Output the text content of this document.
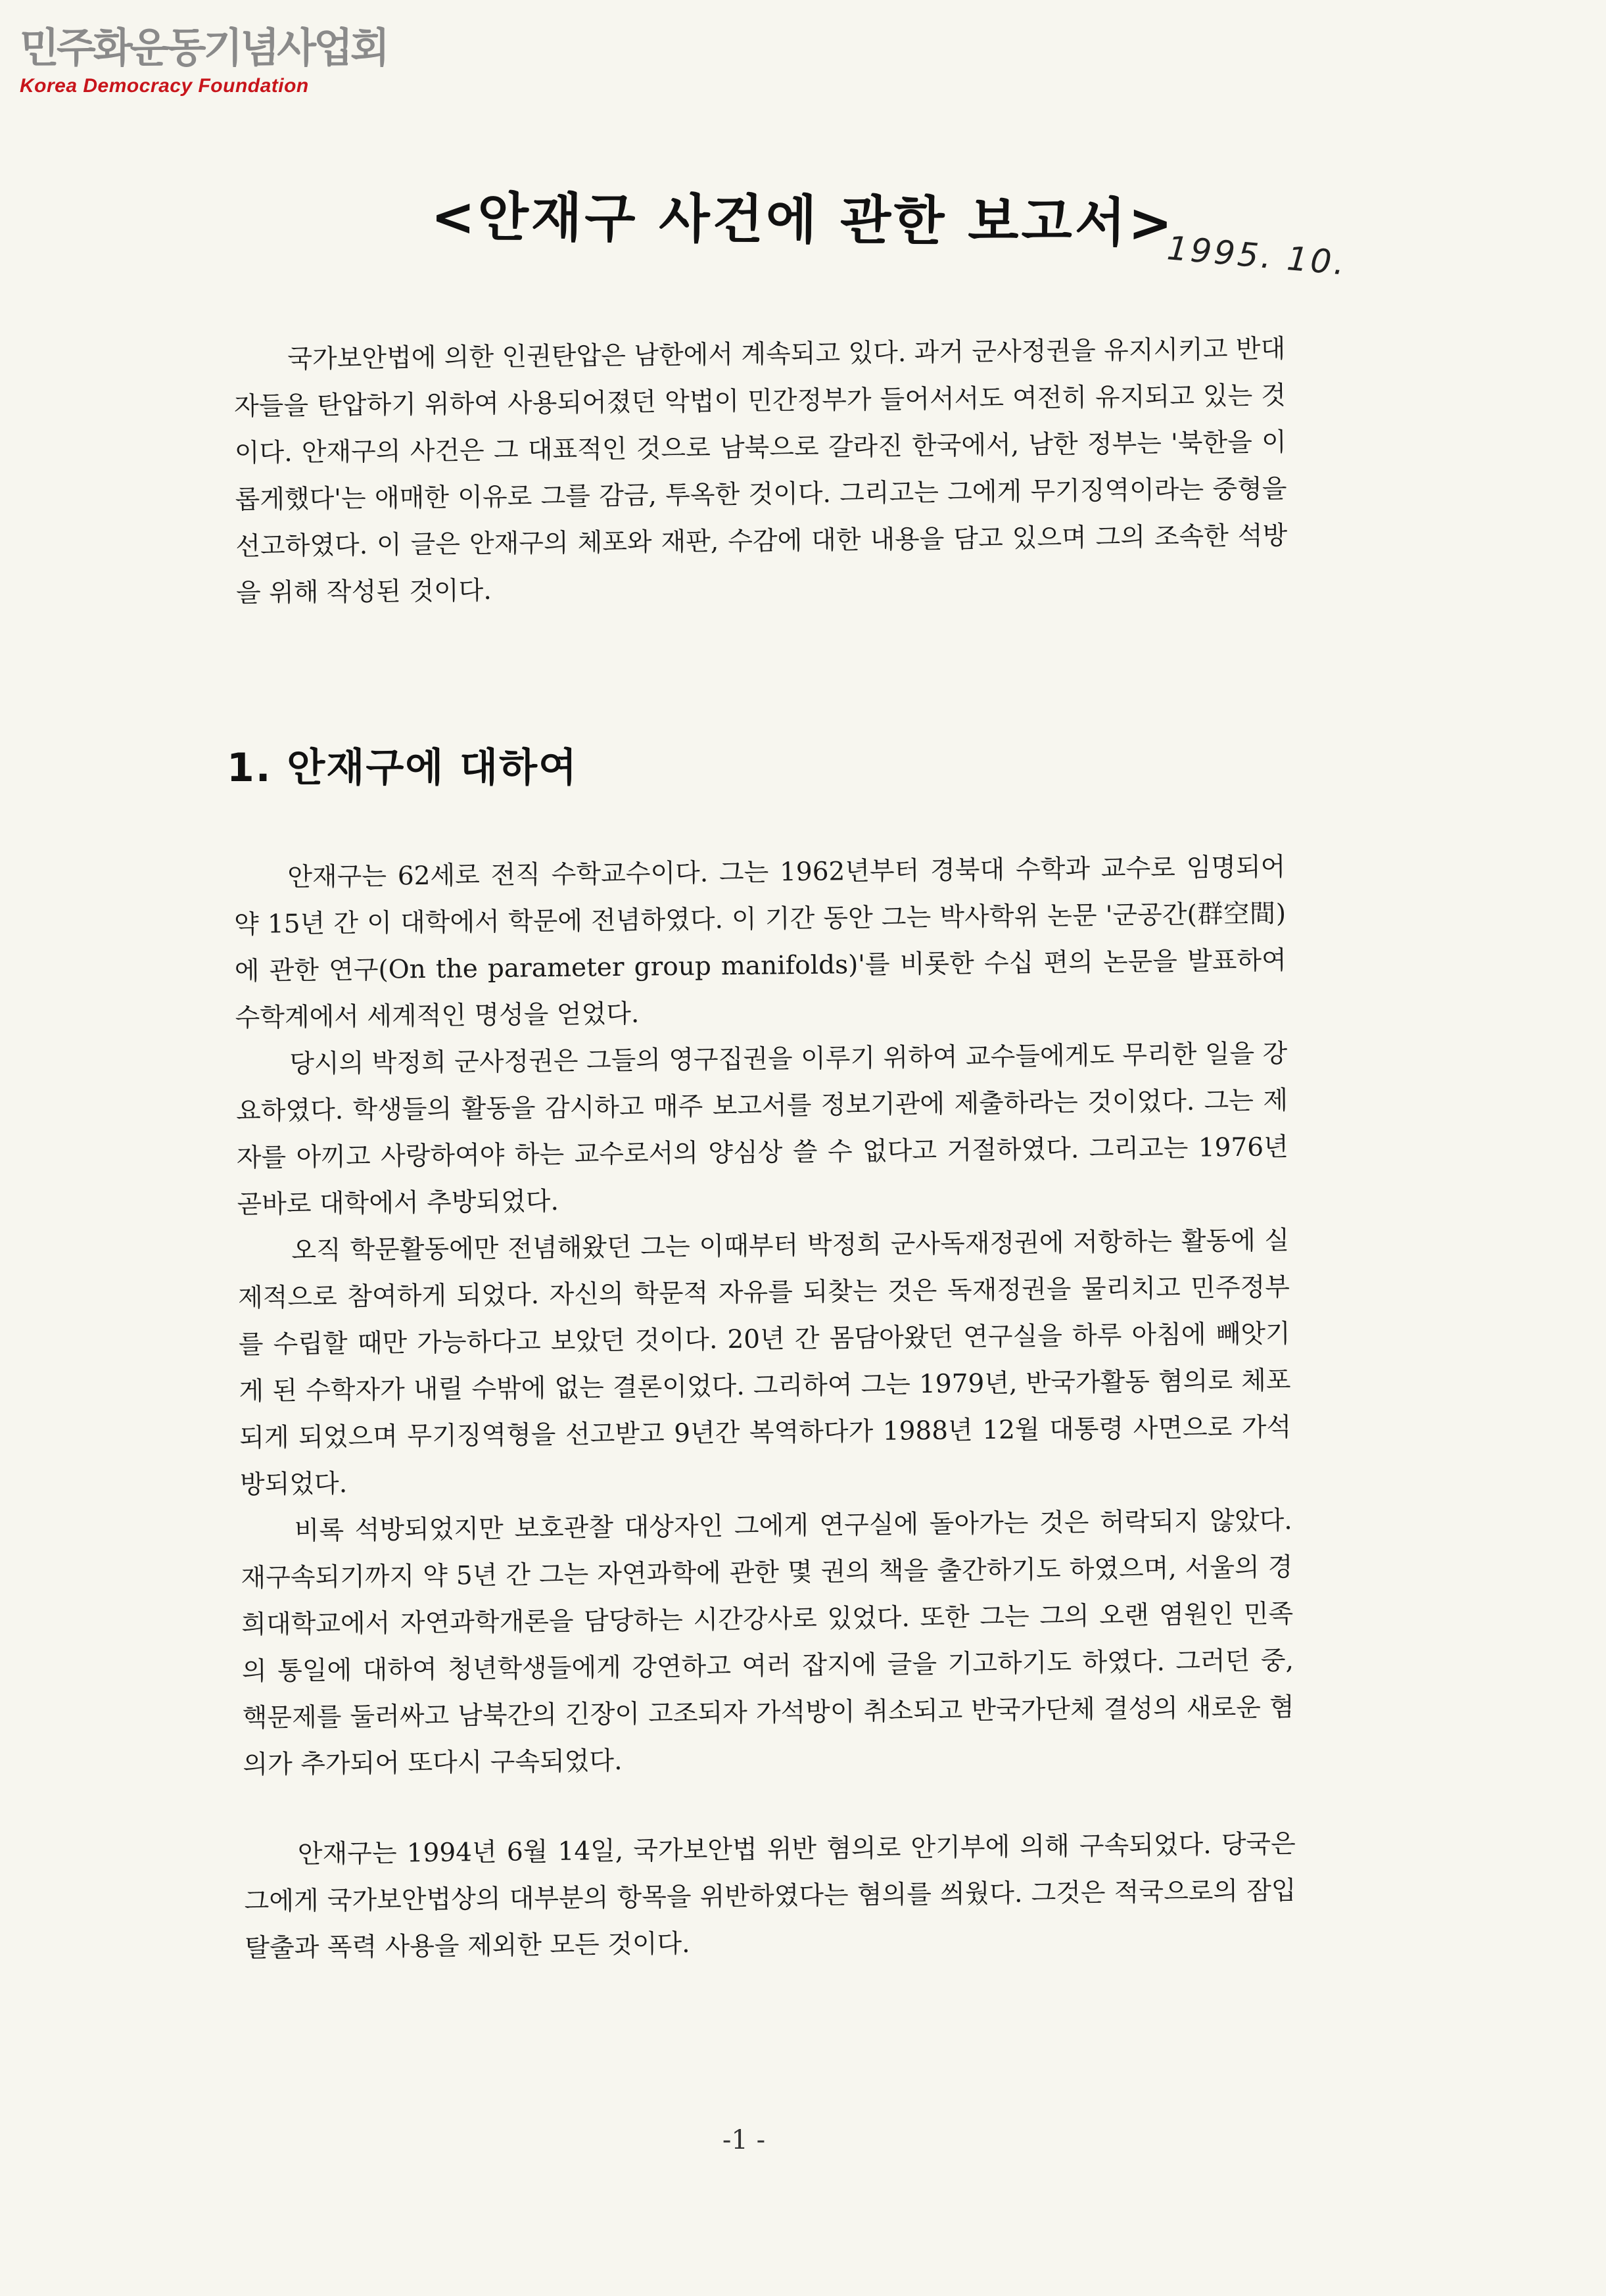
민주화운동기념사업회
Korea Democracy Foundation
<안재구 사건에 관한 보고서>
1995. 10.

국가보안법에 의한 인권탄압은 남한에서 계속되고 있다. 과거 군사정권을 유지시키고 반대자들을 탄압하기 위하여 사용되어졌던 악법이 민간정부가 들어서서도 여전히 유지되고 있는 것이다. 안재구의 사건은 그 대표적인 것으로 남북으로 갈라진 한국에서, 남한 정부는 '북한을 이롭게했다'는 애매한 이유로 그를 감금, 투옥한 것이다. 그리고는 그에게 무기징역이라는 중형을 선고하였다. 이 글은 안재구의 체포와 재판, 수감에 대한 내용을 담고 있으며 그의 조속한 석방을 위해 작성된 것이다.

1. 안재구에 대하여

안재구는 62세로 전직 수학교수이다. 그는 1962년부터 경북대 수학과 교수로 임명되어 약 15년 간 이 대학에서 학문에 전념하였다. 이 기간 동안 그는 박사학위 논문 '군공간(群空間)에 관한 연구(On the parameter group manifolds)'를 비롯한 수십 편의 논문을 발표하여 수학계에서 세계적인 명성을 얻었다.

당시의 박정희 군사정권은 그들의 영구집권을 이루기 위하여 교수들에게도 무리한 일을 강요하였다. 학생들의 활동을 감시하고 매주 보고서를 정보기관에 제출하라는 것이었다. 그는 제자를 아끼고 사랑하여야 하는 교수로서의 양심상 쓸 수 없다고 거절하였다. 그리고는 1976년 곧바로 대학에서 추방되었다.

오직 학문활동에만 전념해왔던 그는 이때부터 박정희 군사독재정권에 저항하는 활동에 실제적으로 참여하게 되었다. 자신의 학문적 자유를 되찾는 것은 독재정권을 물리치고 민주정부를 수립할 때만 가능하다고 보았던 것이다. 20년 간 몸담아왔던 연구실을 하루 아침에 빼앗기게 된 수학자가 내릴 수밖에 없는 결론이었다. 그리하여 그는 1979년, 반국가활동 혐의로 체포되게 되었으며 무기징역형을 선고받고 9년간 복역하다가 1988년 12월 대통령 사면으로 가석방되었다.

비록 석방되었지만 보호관찰 대상자인 그에게 연구실에 돌아가는 것은 허락되지 않았다. 재구속되기까지 약 5년 간 그는 자연과학에 관한 몇 권의 책을 출간하기도 하였으며, 서울의 경희대학교에서 자연과학개론을 담당하는 시간강사로 있었다. 또한 그는 그의 오랜 염원인 민족의 통일에 대하여 청년학생들에게 강연하고 여러 잡지에 글을 기고하기도 하였다. 그러던 중, 핵문제를 둘러싸고 남북간의 긴장이 고조되자 가석방이 취소되고 반국가단체 결성의 새로운 혐의가 추가되어 또다시 구속되었다.

안재구는 1994년 6월 14일, 국가보안법 위반 혐의로 안기부에 의해 구속되었다. 당국은 그에게 국가보안법상의 대부분의 항목을 위반하였다는 혐의를 씌웠다. 그것은 적국으로의 잠입 탈출과 폭력 사용을 제외한 모든 것이다.

-1 -
